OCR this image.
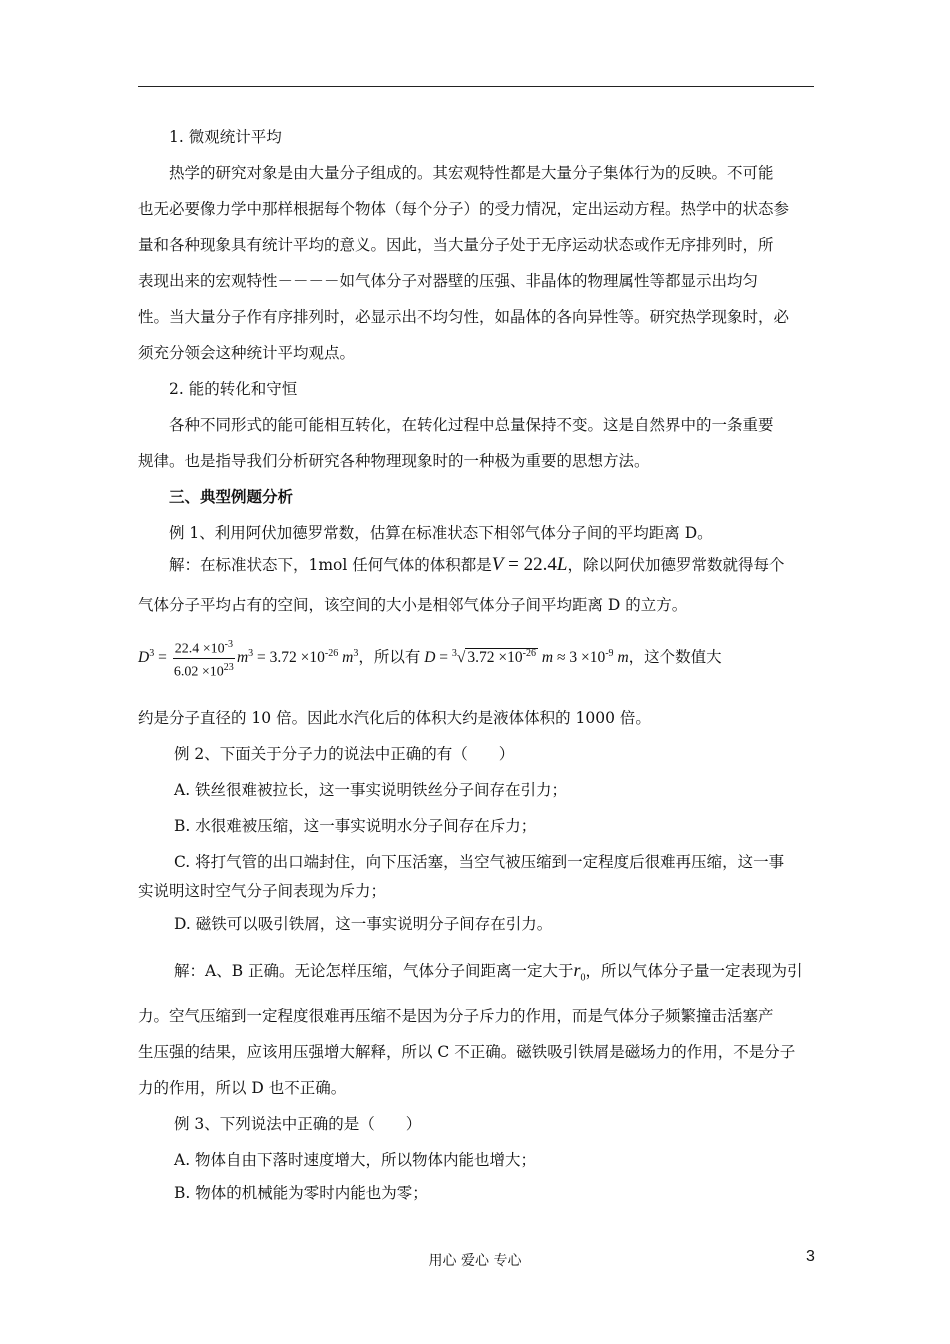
1. 微观统计平均
热学的研究对象是由大量分子组成的。其宏观特性都是大量分子集体行为的反映。不可能
也无必要像力学中那样根据每个物体（每个分子）的受力情况，定出运动方程。热学中的状态参
量和各种现象具有统计平均的意义。因此，当大量分子处于无序运动状态或作无序排列时，所
表现出来的宏观特性－－－－如气体分子对器壁的压强、非晶体的物理属性等都显示出均匀
性。当大量分子作有序排列时，必显示出不均匀性，如晶体的各向异性等。研究热学现象时，必
须充分领会这种统计平均观点。
2. 能的转化和守恒
各种不同形式的能可能相互转化，在转化过程中总量保持不变。这是自然界中的一条重要
规律。也是指导我们分析研究各种物理现象时的一种极为重要的思想方法。
三、典型例题分析
例 1、利用阿伏加德罗常数，估算在标准状态下相邻气体分子间的平均距离 D。
解：在标准状态下，1mol 任何气体的体积都是V = 22.4L，除以阿伏加德罗常数就得每个
气体分子平均占有的空间，该空间的大小是相邻气体分子间平均距离 D 的立方。
$D^3 = \frac{22.4 \times 10^{-3}}{6.02 \times 10^{23}} m^3 = 3.72 \times 10^{-26}$ $m^3$，所以有 D = $^3$√ $3.72 \times 10^{-26}$ $m \approx 3 \times 10^{-9}$ m，这个数值大
约是分子直径的 10 倍。因此水汽化后的体积大约是液体体积的 1000 倍。
例 2、下面关于分子力的说法中正确的有（　　）
A. 铁丝很难被拉长，这一事实说明铁丝分子间存在引力；
B. 水很难被压缩，这一事实说明水分子间存在斥力；
C. 将打气管的出口端封住，向下压活塞，当空气被压缩到一定程度后很难再压缩，这一事
实说明这时空气分子间表现为斥力；
D. 磁铁可以吸引铁屑，这一事实说明分子间存在引力。
解：A、B 正确。无论怎样压缩，气体分子间距离一定大于$r_0$，所以气体分子量一定表现为引
力。空气压缩到一定程度很难再压缩不是因为分子斥力的作用，而是气体分子频繁撞击活塞产
生压强的结果，应该用压强增大解释，所以 C 不正确。磁铁吸引铁屑是磁场力的作用，不是分子
力的作用，所以 D 也不正确。
例 3、下列说法中正确的是（　　）
A. 物体自由下落时速度增大，所以物体内能也增大；
B. 物体的机械能为零时内能也为零；
用心 爱心 专心	3
